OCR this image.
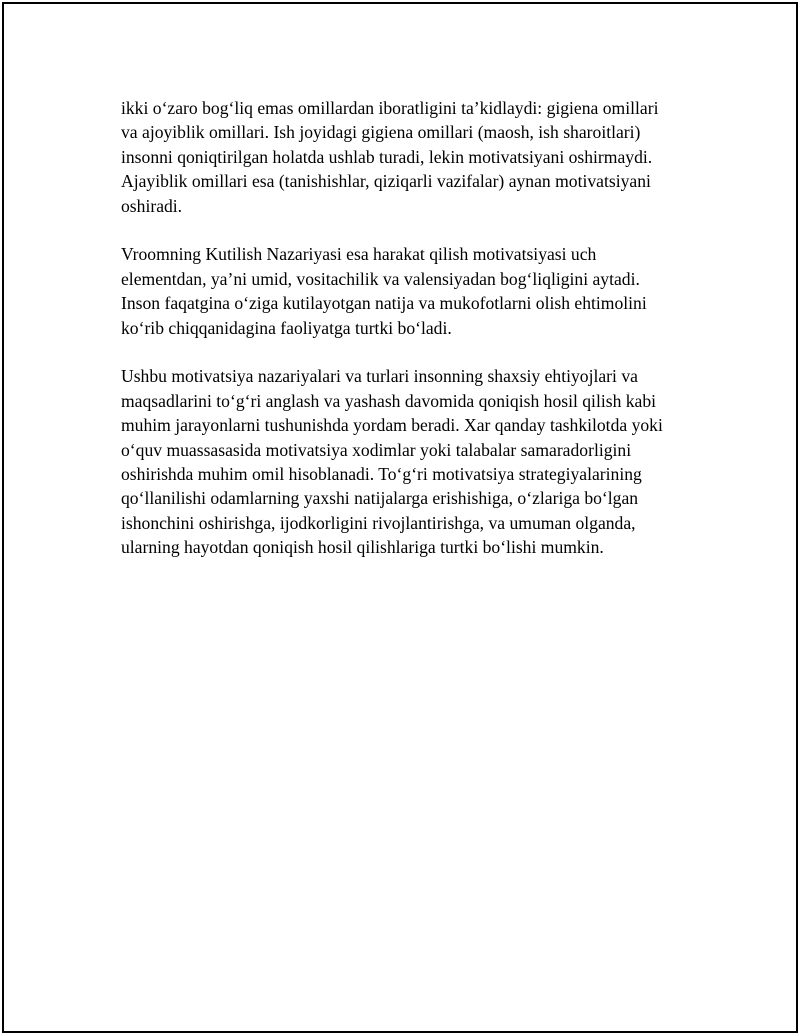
ikki o‘zaro bog‘liq emas omillardan iboratligini ta’kidlaydi: gigiena omillari
va ajoyiblik omillari. Ish joyidagi gigiena omillari (maosh, ish sharoitlari)
insonni qoniqtirilgan holatda ushlab turadi, lekin motivatsiyani oshirmaydi.
Ajayiblik omillari esa (tanishishlar, qiziqarli vazifalar) aynan motivatsiyani
oshiradi.

Vroomning Kutilish Nazariyasi esa harakat qilish motivatsiyasi uch
elementdan, ya’ni umid, vositachilik va valensiyadan bog‘liqligini aytadi.
Inson faqatgina o‘ziga kutilayotgan natija va mukofotlarni olish ehtimolini
ko‘rib chiqqanidagina faoliyatga turtki bo‘ladi.

Ushbu motivatsiya nazariyalari va turlari insonning shaxsiy ehtiyojlari va
maqsadlarini to‘g‘ri anglash va yashash davomida qoniqish hosil qilish kabi
muhim jarayonlarni tushunishda yordam beradi. Xar qanday tashkilotda yoki
o‘quv muassasasida motivatsiya xodimlar yoki talabalar samaradorligini
oshirishda muhim omil hisoblanadi. To‘g‘ri motivatsiya strategiyalarining
qo‘llanilishi odamlarning yaxshi natijalarga erishishiga, o‘zlariga bo‘lgan
ishonchini oshirishga, ijodkorligini rivojlantirishga, va umuman olganda,
ularning hayotdan qoniqish hosil qilishlariga turtki bo‘lishi mumkin.
